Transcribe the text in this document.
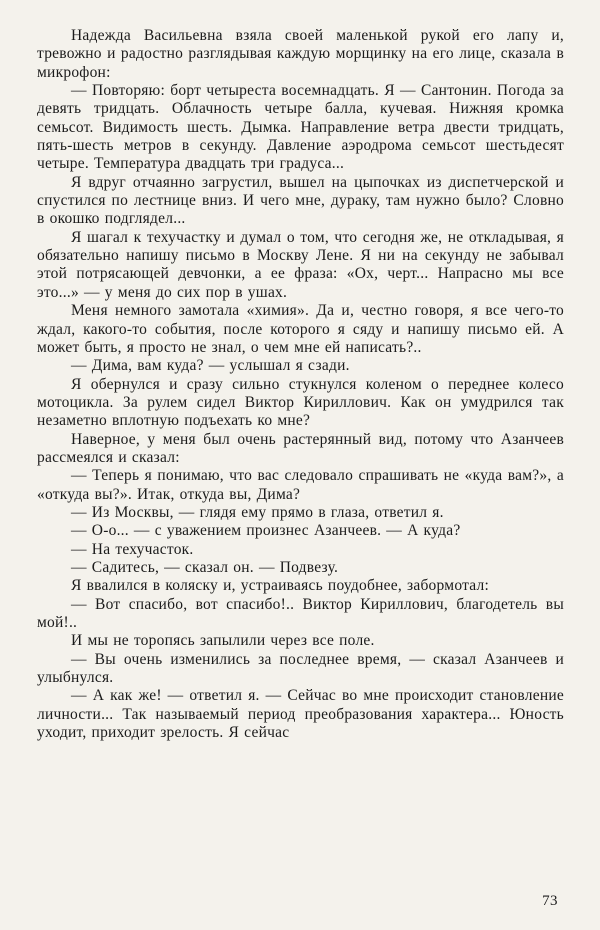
Надежда Васильевна взяла своей маленькой рукой его лапу и, тревожно и радостно разглядывая каждую морщинку на его лице, сказала в микрофон:

— Повторяю: борт четыреста восемнадцать. Я — Сантонин. Погода за девять тридцать. Облачность четыре балла, кучевая. Нижняя кромка семьсот. Видимость шесть. Дымка. Направление ветра двести тридцать, пять-шесть метров в секунду. Давление аэродрома семьсот шестьдесят четыре. Температура двадцать три градуса...

Я вдруг отчаянно загрустил, вышел на цыпочках из диспетчерской и спустился по лестнице вниз. И чего мне, дураку, там нужно было? Словно в окошко подглядел...

Я шагал к техучастку и думал о том, что сегодня же, не откладывая, я обязательно напишу письмо в Москву Лене. Я ни на секунду не забывал этой потрясающей девчонки, а ее фраза: «Ох, черт... Напрасно мы все это...» — у меня до сих пор в ушах.

Меня немного замотала «химия». Да и, честно говоря, я все чего-то ждал, какого-то события, после которого я сяду и напишу письмо ей. А может быть, я просто не знал, о чем мне ей написать?..

— Дима, вам куда? — услышал я сзади.

Я обернулся и сразу сильно стукнулся коленом о переднее колесо мотоцикла. За рулем сидел Виктор Кириллович. Как он умудрился так незаметно вплотную подъехать ко мне?

Наверное, у меня был очень растерянный вид, потому что Азанчеев рассмеялся и сказал:

— Теперь я понимаю, что вас следовало спрашивать не «куда вам?», а «откуда вы?». Итак, откуда вы, Дима?

— Из Москвы, — глядя ему прямо в глаза, ответил я.

— О-о... — с уважением произнес Азанчеев. — А куда?

— На техучасток.

— Садитесь, — сказал он. — Подвезу.

Я ввалился в коляску и, устраиваясь поудобнее, забормотал:

— Вот спасибо, вот спасибо!.. Виктор Кириллович, благодетель вы мой!..

И мы не торопясь запылили через все поле.

— Вы очень изменились за последнее время, — сказал Азанчеев и улыбнулся.

— А как же! — ответил я. — Сейчас во мне происходит становление личности... Так называемый период преобразования характера... Юность уходит, приходит зрелость. Я сейчас

73
